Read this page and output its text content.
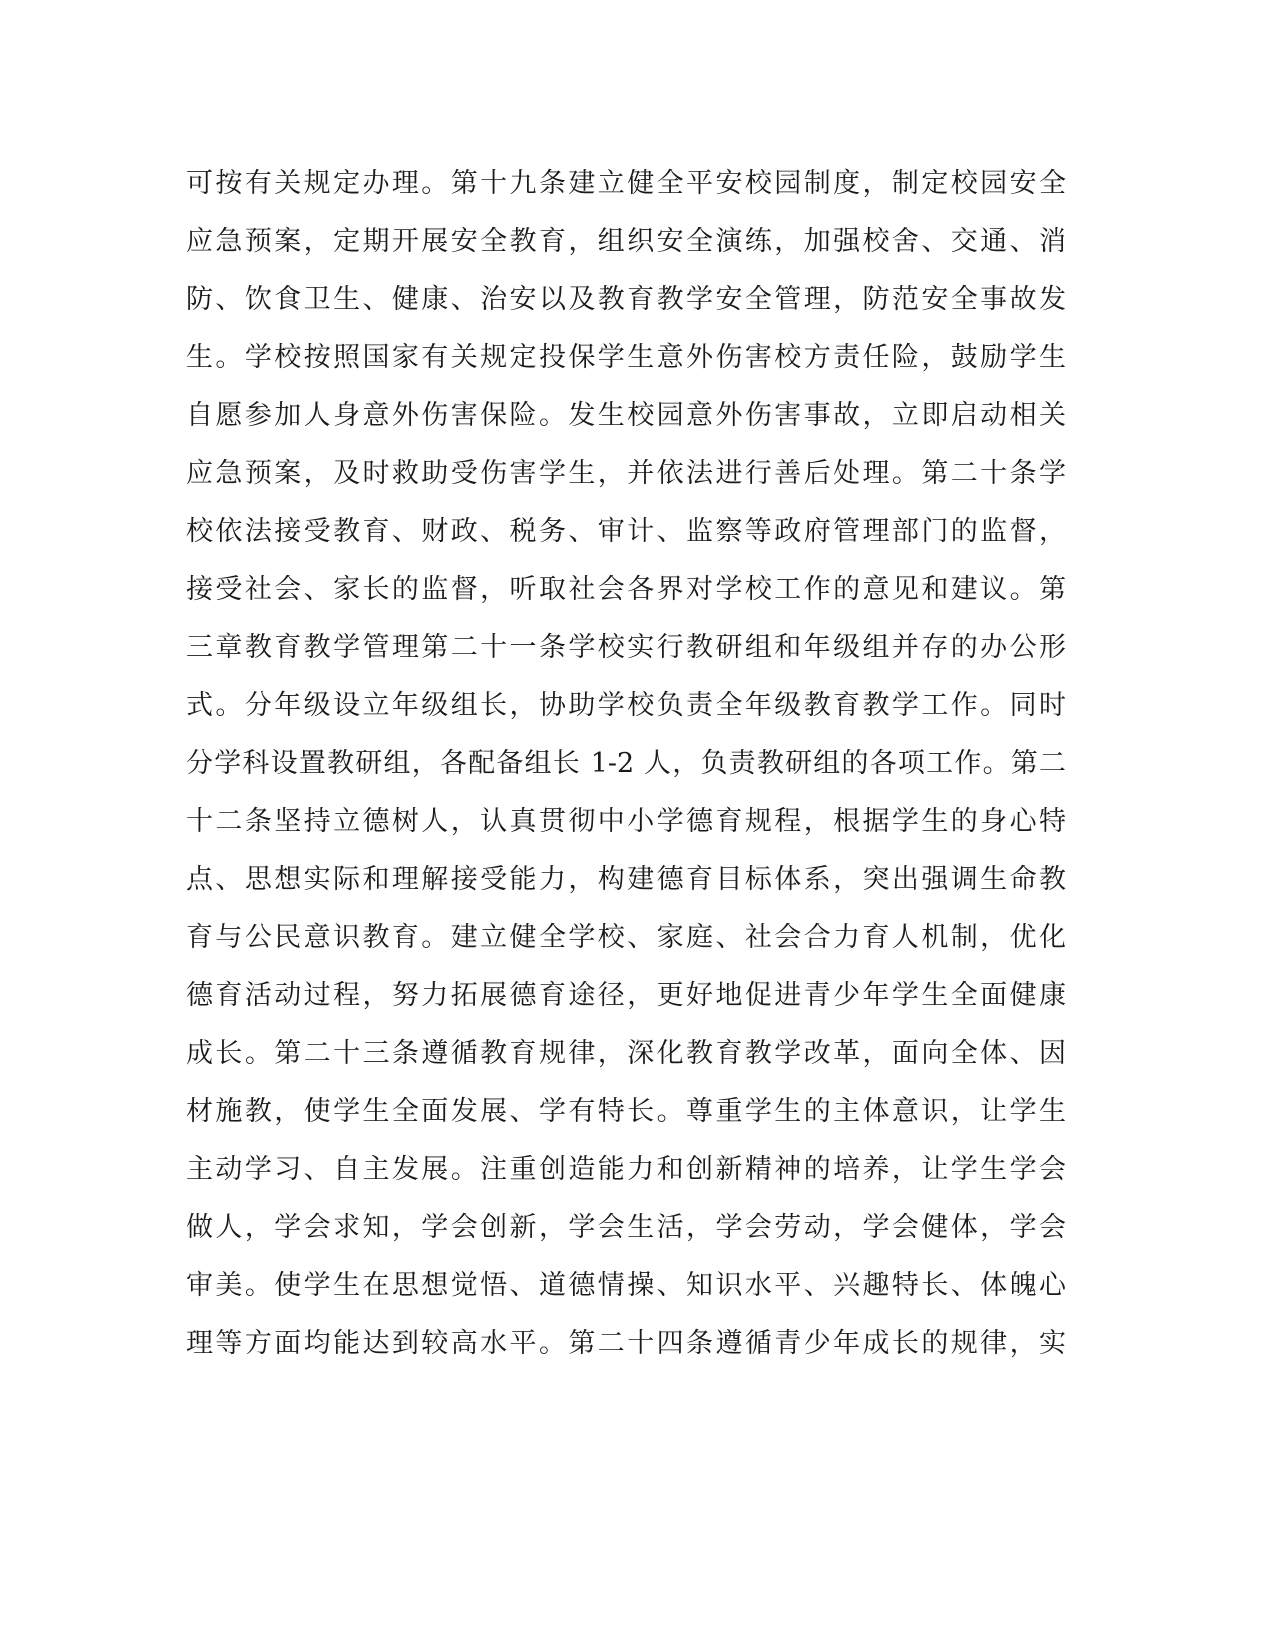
可按有关规定办理。第十九条建立健全平安校园制度，制定校园安全
应急预案，定期开展安全教育，组织安全演练，加强校舍、交通、消
防、饮食卫生、健康、治安以及教育教学安全管理，防范安全事故发
生。学校按照国家有关规定投保学生意外伤害校方责任险，鼓励学生
自愿参加人身意外伤害保险。发生校园意外伤害事故，立即启动相关
应急预案，及时救助受伤害学生，并依法进行善后处理。第二十条学
校依法接受教育、财政、税务、审计、监察等政府管理部门的监督，
接受社会、家长的监督，听取社会各界对学校工作的意见和建议。第
三章教育教学管理第二十一条学校实行教研组和年级组并存的办公形
式。分年级设立年级组长，协助学校负责全年级教育教学工作。同时
分学科设置教研组，各配备组长 1-2 人，负责教研组的各项工作。第二
十二条坚持立德树人，认真贯彻中小学德育规程，根据学生的身心特
点、思想实际和理解接受能力，构建德育目标体系，突出强调生命教
育与公民意识教育。建立健全学校、家庭、社会合力育人机制，优化
德育活动过程，努力拓展德育途径，更好地促进青少年学生全面健康
成长。第二十三条遵循教育规律，深化教育教学改革，面向全体、因
材施教，使学生全面发展、学有特长。尊重学生的主体意识，让学生
主动学习、自主发展。注重创造能力和创新精神的培养，让学生学会
做人，学会求知，学会创新，学会生活，学会劳动，学会健体，学会
审美。使学生在思想觉悟、道德情操、知识水平、兴趣特长、体魄心
理等方面均能达到较高水平。第二十四条遵循青少年成长的规律，实
